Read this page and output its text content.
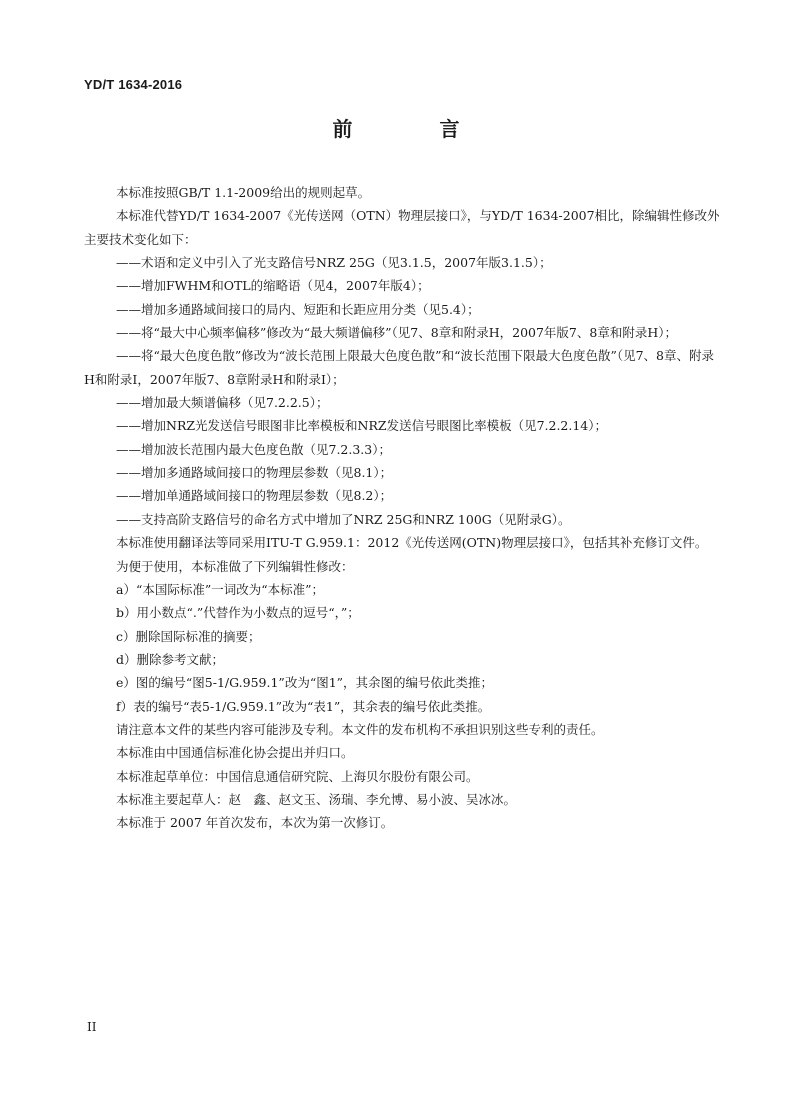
YD/T 1634-2016
前 言

本标准按照GB/T 1.1-2009给出的规则起草。

本标准代替YD/T 1634-2007《光传送网（OTN）物理层接口》，与YD/T 1634-2007相比，除编辑性修改外主要技术变化如下：

——术语和定义中引入了光支路信号NRZ 25G（见3.1.5，2007年版3.1.5）；

——增加FWHM和OTL的缩略语（见4，2007年版4）；

——增加多通路域间接口的局内、短距和长距应用分类（见5.4）；

——将“最大中心频率偏移”修改为“最大频谱偏移”（见7、8章和附录H，2007年版7、8章和附录H）；

——将“最大色度色散”修改为“波长范围上限最大色度色散”和“波长范围下限最大色度色散”（见7、8章、附录H和附录I，2007年版7、8章附录H和附录I）；

——增加最大频谱偏移（见7.2.2.5）；

——增加NRZ光发送信号眼图非比率模板和NRZ发送信号眼图比率模板（见7.2.2.14）；

——增加波长范围内最大色度色散（见7.2.3.3）；

——增加多通路域间接口的物理层参数（见8.1）；

——增加单通路域间接口的物理层参数（见8.2）；

——支持高阶支路信号的命名方式中增加了NRZ 25G和NRZ 100G（见附录G）。

本标准使用翻译法等同采用ITU-T G.959.1：2012《光传送网(OTN)物理层接口》，包括其补充修订文件。

为便于使用，本标准做了下列编辑性修改：

a）“本国际标准”一词改为“本标准”；

b）用小数点“.”代替作为小数点的逗号“，”；

c）删除国际标准的摘要；

d）删除参考文献；

e）图的编号“图5-1/G.959.1”改为“图1”，其余图的编号依此类推；

f）表的编号“表5-1/G.959.1”改为“表1”，其余表的编号依此类推。

请注意本文件的某些内容可能涉及专利。本文件的发布机构不承担识别这些专利的责任。

本标准由中国通信标准化协会提出并归口。

本标准起草单位：中国信息通信研究院、上海贝尔股份有限公司。

本标准主要起草人：赵　鑫、赵文玉、汤瑞、李允博、易小波、吴冰冰。

本标准于 2007 年首次发布，本次为第一次修订。

II
